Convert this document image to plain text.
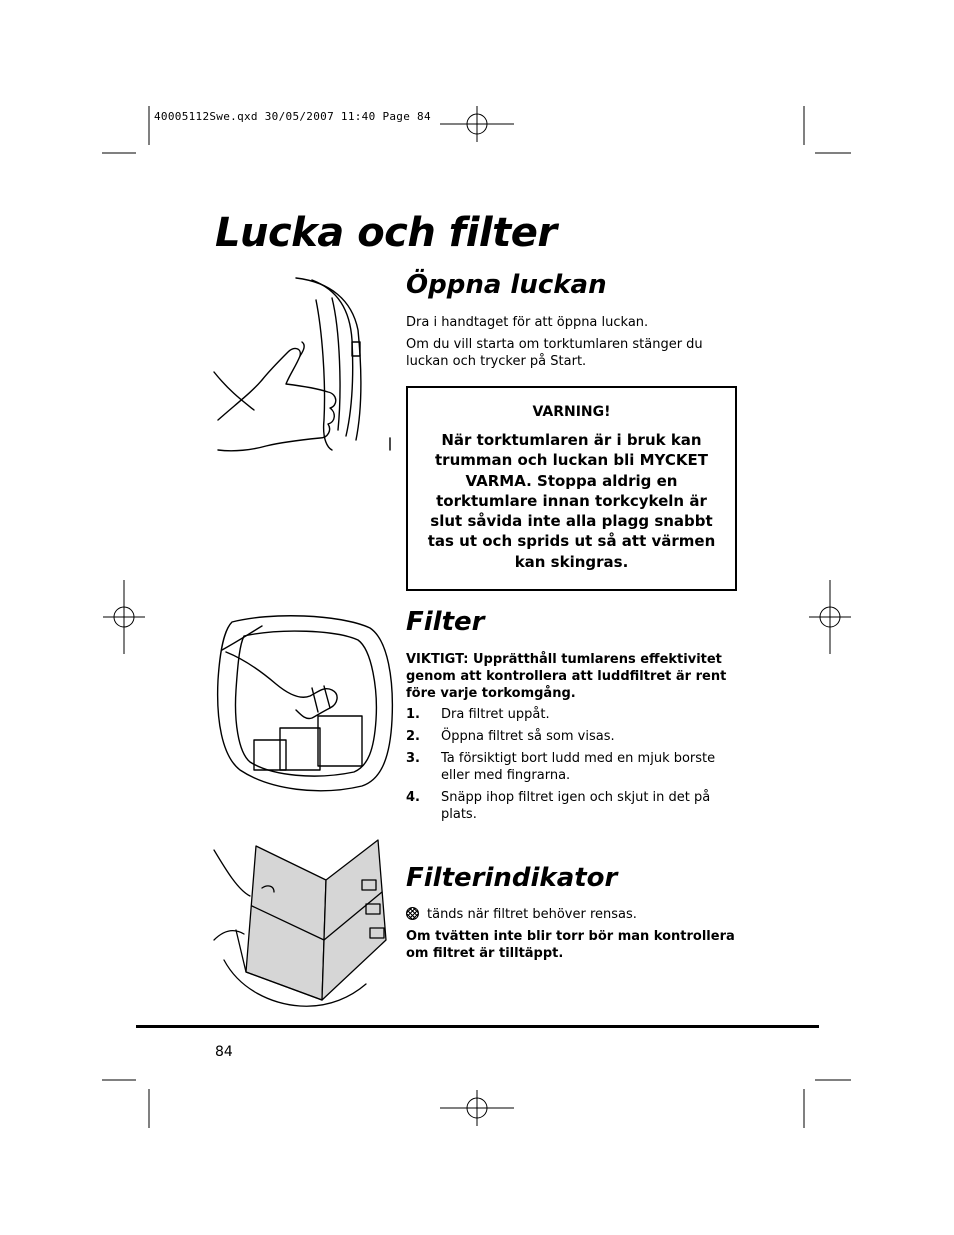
40005112Swe.qxd 30/05/2007 11:40 Page 84
Lucka och filter
Öppna luckan
Dra i handtaget för att öppna luckan.
Om du vill starta om torktumlaren stänger du luckan och trycker på Start.
VARNING!
När torktumlaren är i bruk kan trumman och luckan bli MYCKET VARMA. Stoppa aldrig en torktumlare innan torkcykeln är slut såvida inte alla plagg snabbt tas ut och sprids ut så att värmen kan skingras.
Filter
VIKTIGT: Upprätthåll tumlarens effektivitet genom att kontrollera att luddfiltret är rent före varje torkomgång.
1. Dra filtret uppåt.
2. Öppna filtret så som visas.
3. Ta försiktigt bort ludd med en mjuk borste eller med fingrarna.
4. Snäpp ihop filtret igen och skjut in det på plats.
Filterindikator
tänds när filtret behöver rensas.
Om tvätten inte blir torr bör man kontrollera om filtret är tilltäppt.
84
